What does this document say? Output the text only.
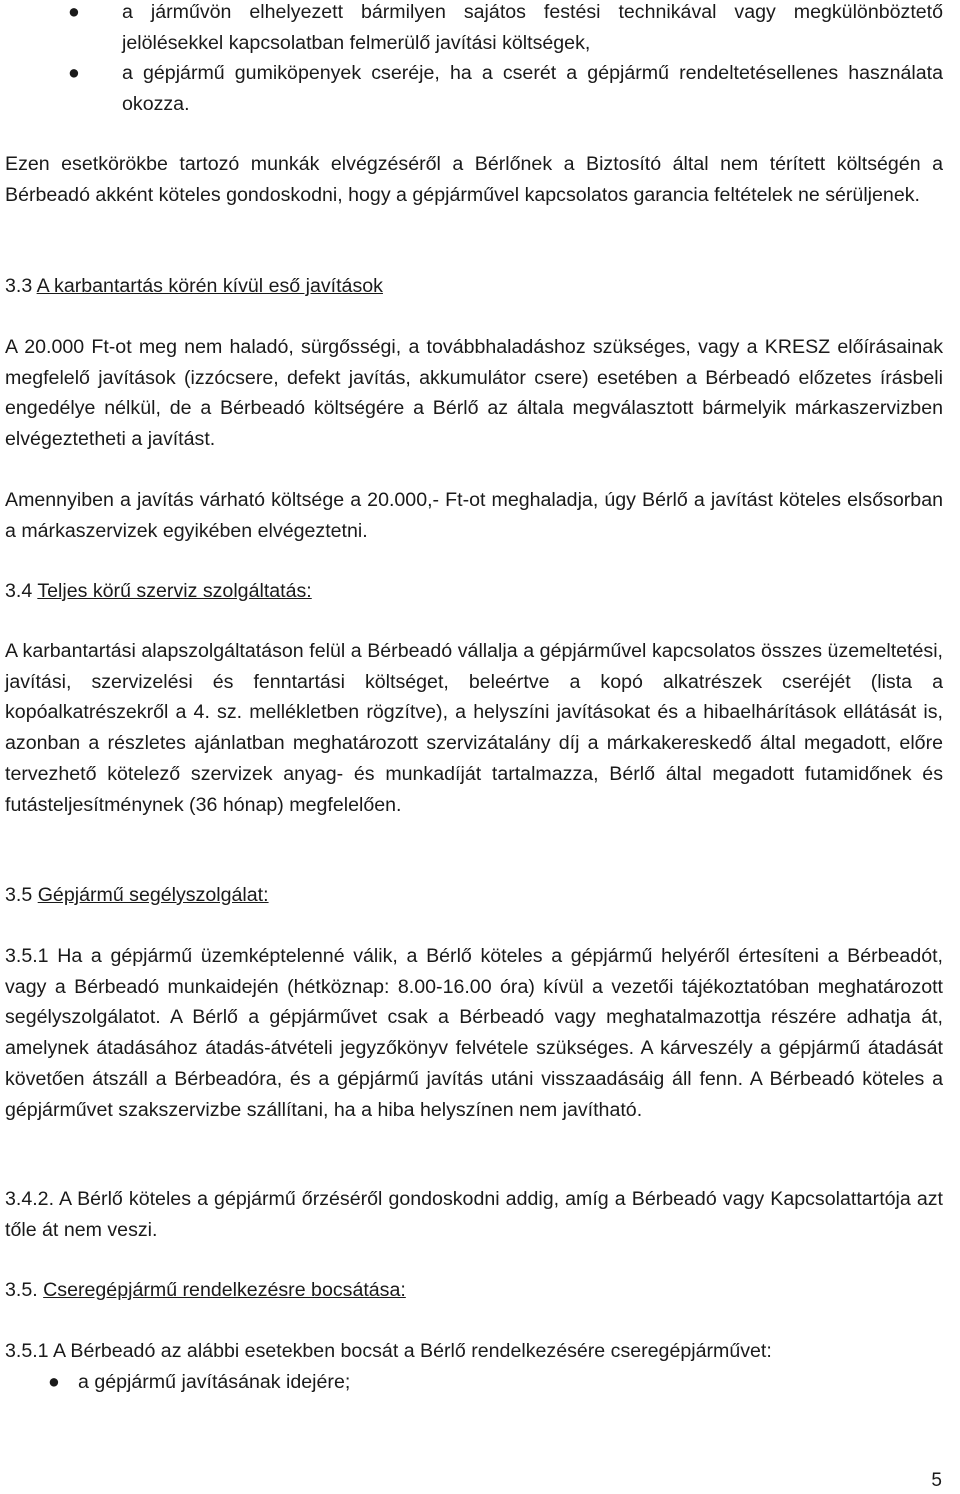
● a járművön elhelyezett bármilyen sajátos festési technikával vagy megkülönböztető jelölésekkel kapcsolatban felmerülő javítási költségek,
● a gépjármű gumiköpenyek cseréje, ha a cserét a gépjármű rendeltetésellenes használata okozza.

Ezen esetkörökbe tartozó munkák elvégzéséről a Bérlőnek a Biztosító által nem térített költségén a Bérbeadó akként köteles gondoskodni, hogy a gépjárművel kapcsolatos garancia feltételek ne sérüljenek.

3.3 A karbantartás körén kívül eső javítások

A 20.000 Ft-ot meg nem haladó, sürgősségi, a továbbhaladáshoz szükséges, vagy a KRESZ előírásainak megfelelő javítások (izzócsere, defekt javítás, akkumulátor csere) esetében a Bérbeadó előzetes írásbeli engedélye nélkül, de a Bérbeadó költségére a Bérlő az általa megválasztott bármelyik márkaszervizben elvégeztetheti a javítást.

Amennyiben a javítás várható költsége a 20.000,- Ft-ot meghaladja, úgy Bérlő a javítást köteles elsősorban a márkaszervizek egyikében elvégeztetni.

3.4 Teljes körű szerviz szolgáltatás:

A karbantartási alapszolgáltatáson felül a Bérbeadó vállalja a gépjárművel kapcsolatos összes üzemeltetési, javítási, szervizelési és fenntartási költséget, beleértve a kopó alkatrészek cseréjét (lista a kopóalkatrészekről a 4. sz. mellékletben rögzítve), a helyszíni javításokat és a hibaelhárítások ellátását is, azonban a részletes ajánlatban meghatározott szervizátalány díj a márkakereskedő által megadott, előre tervezhető kötelező szervizek anyag- és munkadíját tartalmazza, Bérlő által megadott futamidőnek és futásteljesítménynek (36 hónap) megfelelően.

3.5 Gépjármű segélyszolgálat:

3.5.1 Ha a gépjármű üzemképtelenné válik, a Bérlő köteles a gépjármű helyéről értesíteni a Bérbeadót, vagy a Bérbeadó munkaidején (hétköznap: 8.00-16.00 óra) kívül a vezetői tájékoztatóban meghatározott segélyszolgálatot. A Bérlő a gépjárművet csak a Bérbeadó vagy meghatalmazottja részére adhatja át, amelynek átadásához átadás-átvételi jegyzőkönyv felvétele szükséges. A kárveszély a gépjármű átadását követően átszáll a Bérbeadóra, és a gépjármű javítás utáni visszaadásáig áll fenn. A Bérbeadó köteles a gépjárművet szakszervizbe szállítani, ha a hiba helyszínen nem javítható.

3.4.2. A Bérlő köteles a gépjármű őrzéséről gondoskodni addig, amíg a Bérbeadó vagy Kapcsolattartója azt tőle át nem veszi.

3.5. Cseregépjármű rendelkezésre bocsátása:

3.5.1 A Bérbeadó az alábbi esetekben bocsát a Bérlő rendelkezésére cseregépjárművet:

● a gépjármű javításának idejére;
5
